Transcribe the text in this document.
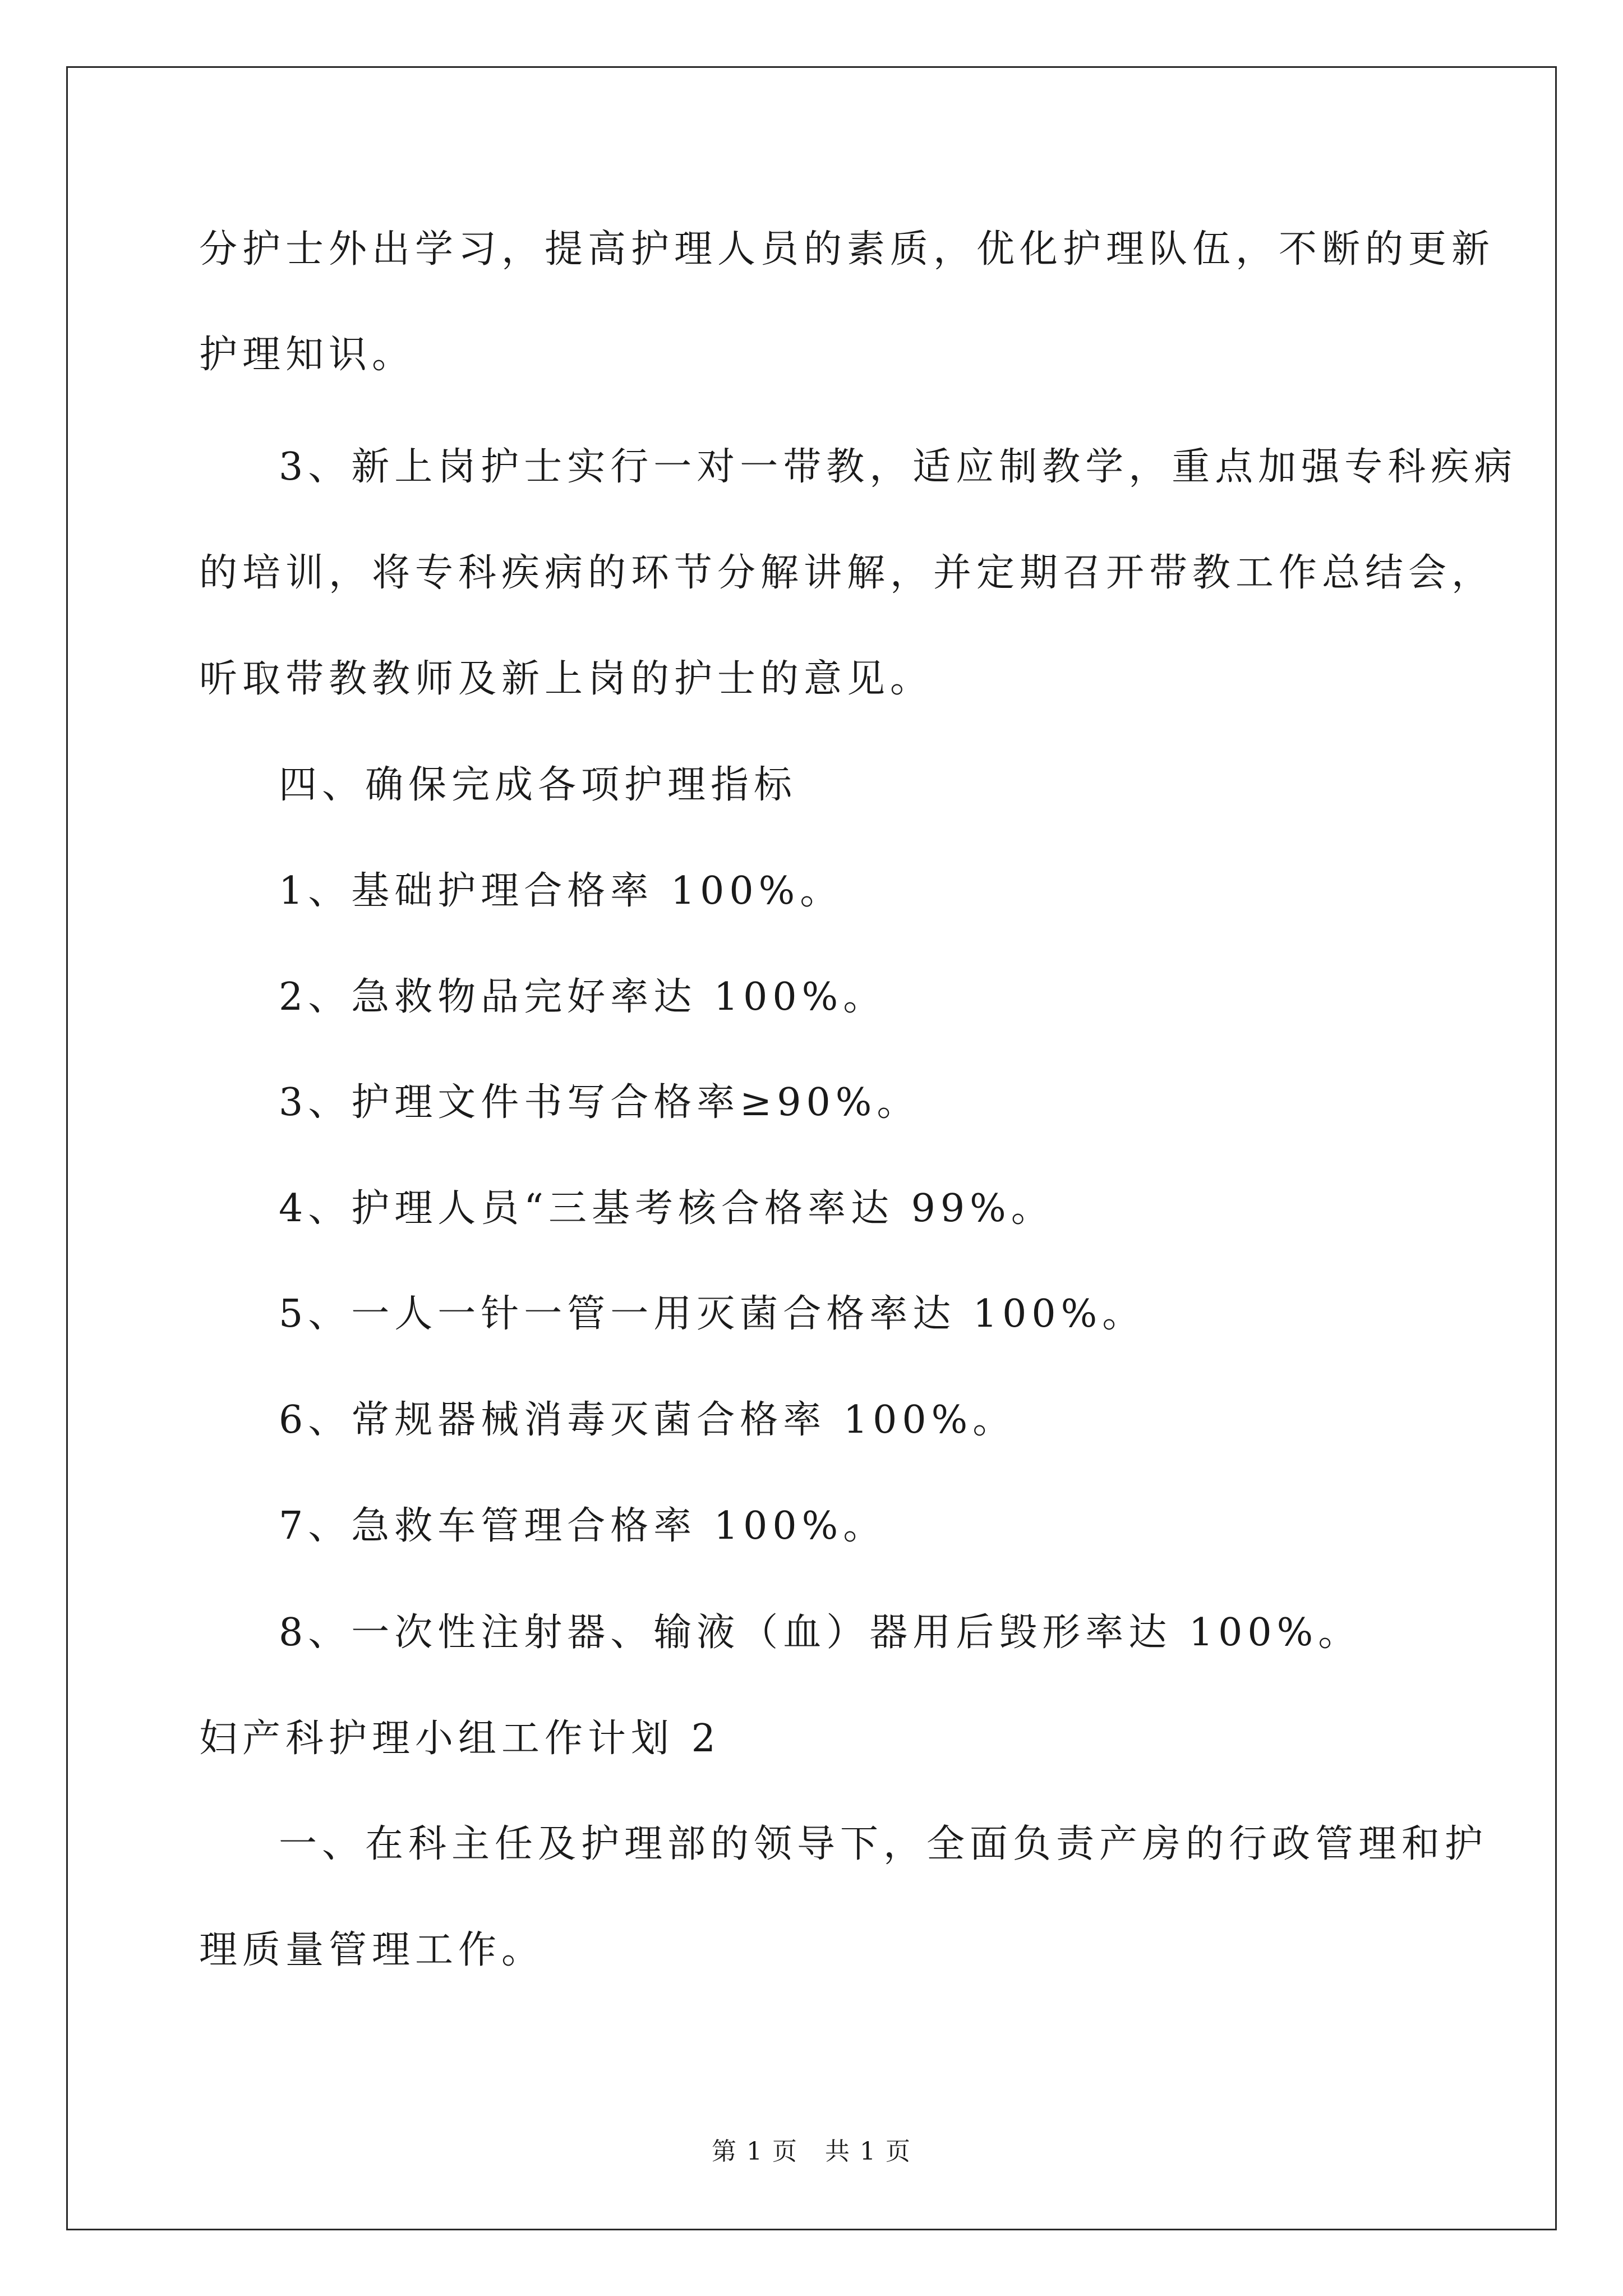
分护士外出学习，提高护理人员的素质，优化护理队伍，不断的更新
护理知识。
3、新上岗护士实行一对一带教，适应制教学，重点加强专科疾病
的培训，将专科疾病的环节分解讲解，并定期召开带教工作总结会，
听取带教教师及新上岗的护士的意见。
四、确保完成各项护理指标
1、基础护理合格率 100%。
2、急救物品完好率达 100%。
3、护理文件书写合格率≥90%。
4、护理人员“三基考核合格率达 99%。
5、一人一针一管一用灭菌合格率达 100%。
6、常规器械消毒灭菌合格率 100%。
7、急救车管理合格率 100%。
8、一次性注射器、输液（血）器用后毁形率达 100%。
妇产科护理小组工作计划 2
一、在科主任及护理部的领导下，全面负责产房的行政管理和护
理质量管理工作。
第 1 页   共 1 页
